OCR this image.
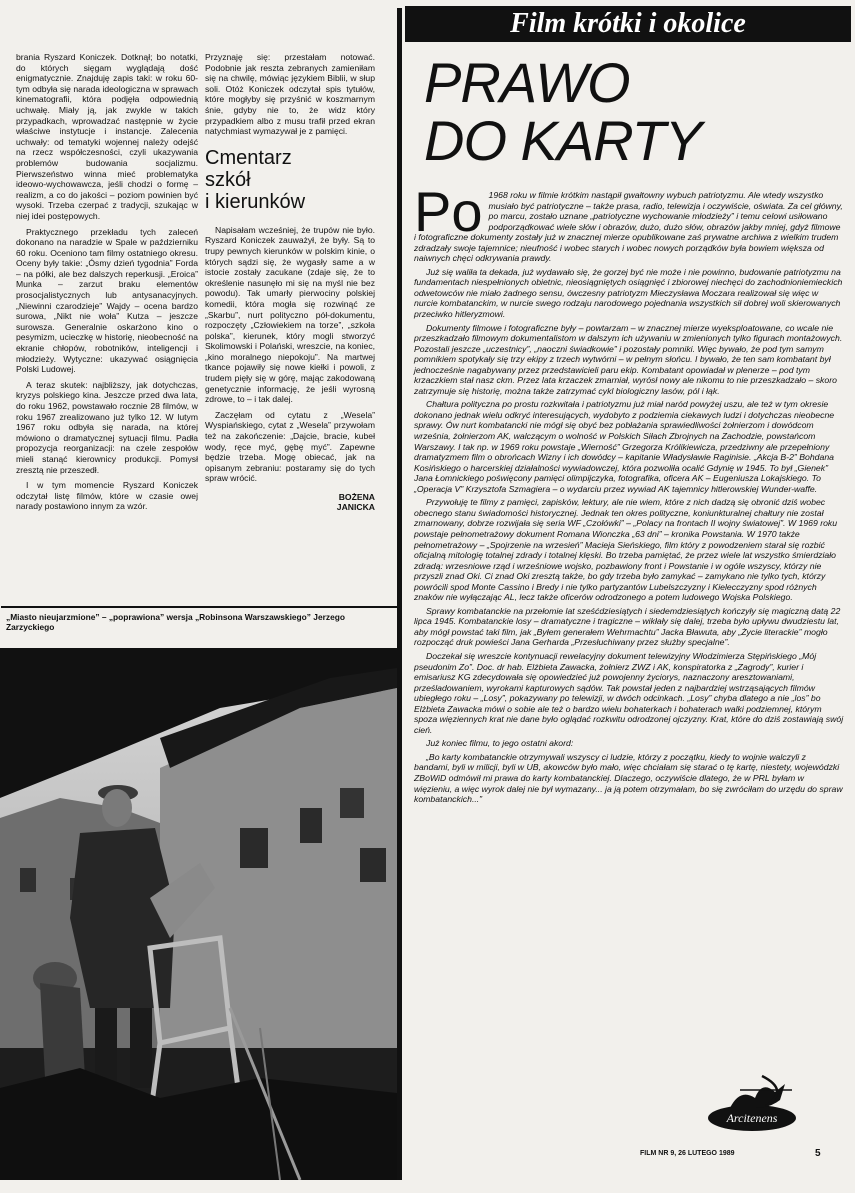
brania Ryszard Koniczek. Dotknął; bo notatki, do których sięgam wyglądają dość enigmatycznie. Znajduję zapis taki: w roku 60-tym odbyła się narada ideologiczna w sprawach kinematografii, która podjęła odpowiednią uchwałę. Miały ją, jak zwykle w takich przypadkach, wprowadzać następnie w życie właściwe instytucje i instancje. Zalecenia uchwały: od tematyki wojennej należy odejść na rzecz współczesności, czyli ukazywania problemów budowania socjalizmu. Pierwszeństwo winna mieć problematyka ideowo-wychowawcza, jeśli chodzi o formę – realizm, a co do jakości – poziom powinien być wysoki. Trzeba czerpać z tradycji, szukając w niej idei postępowych.

Praktycznego przekładu tych zaleceń dokonano na naradzie w Spale w październiku 60 roku. Oceniono tam filmy ostatniego okresu. Oceny były takie: „Ósmy dzień tygodnia” Forda – na półki, ale bez dalszych reperkusji. „Eroica” Munka – zarzut braku elementów prosocjalistycznych lub antysanacyjnych. „Niewinni czarodzieje” Wajdy – ocena bardzo surowa, „Nikt nie woła” Kutza – jeszcze surowsza. Generalnie oskarżono kino o pesymizm, ucieczkę w historię, nieobecność na ekranie chłopów, robotników, inteligencji i młodzieży. Wytyczne: ukazywać osiągnięcia Polski Ludowej.

A teraz skutek: najbliższy, jak dotychczas, kryzys polskiego kina. Jeszcze przed dwa lata, do roku 1962, powstawało rocznie 28 filmów, w roku 1967 zrealizowano już tylko 12. W lutym 1967 roku odbyła się narada, na której mówiono o dramatycznej sytuacji filmu. Padła propozycja reorganizacji: na czele zespołów mieli stanąć kierownicy produkcji. Pomysł zresztą nie przeszedł.

I w tym momencie Ryszard Koniczek odczytał listę filmów, które w czasie owej narady postawiono innym za wzór.

Przyznaję się: przestałam notować. Podobnie jak reszta zebranych zamieniłam się na chwilę, mówiąc językiem Biblii, w słup soli. Otóż Koniczek odczytał spis tytułów, które mogłyby się przyśnić w koszmarnym śnie, gdyby nie to, że widz który przypadkiem albo z musu trafił przed ekran natychmiast wymazywał je z pamięci.

Cmentarz
szkół
i kierunków

Napisałam wcześniej, że trupów nie było. Ryszard Koniczek zauważył, że były. Są to trupy pewnych kierunków w polskim kinie, o których sądzi się, że wygasły same a w istocie zostały zacukane (zdaje się, że to określenie nasunęło mi się na myśl nie bez powodu). Tak umarły pierwociny polskiej komedii, która mogła się rozwinąć ze „Skarbu”, nurt polityczno pół-dokumentu, rozpoczęty „Człowiekiem na torze”, „szkoła polska”, kierunek, który mogli stworzyć Skolimowski i Polański, wreszcie, na koniec, „kino moralnego niepokoju”. Na martwej tkance pojawiły się nowe kiełki i powoli, z trudem pięły się w górę, mając zakodowaną genetycznie informację, że jeśli wyrosną zdrowe, to – i tak dalej.

Zaczęłam od cytatu z „Wesela” Wyspiańskiego, cytat z „Wesela” przywołam też na zakończenie: „Dajcie, bracie, kubeł wody, ręce myć, gębę myć”. Zapewne będzie trzeba. Mogę obiecać, jak na opisanym zebraniu: postaramy się do tych spraw wrócić.

BOŻENA
JANICKA
„Miasto nieujarzmione” – „poprawiona” wersja „Robinsona Warszawskiego” Jerzego Zarzyckiego
Film krótki i okolice
PRAWO
DO KARTY

Po 1968 roku w filmie krótkim nastąpił gwałtowny wybuch patriotyzmu. Ale wtedy wszystko musiało być patriotyczne – także prasa, radio, telewizja i oczywiście, oświata. Za cel główny, po marcu, zostało uznane „patriotyczne wychowanie młodzieży” i temu celowi usiłowano podporządkować wiele słów i obrazów, dużo, dużo słów, obrazów jakby mniej, gdyż filmowe i fotograficzne dokumenty zostały już w znacznej mierze opublikowane zaś prywatne archiwa z wielkim trudem zdradzały swoje tajemnice; nieufność i wobec starych i wobec nowych porządków była bowiem większa od naiwnych chęci odkrywania prawdy.

Już się waliła ta dekada, już wydawało się, że gorzej być nie może i nie powinno, budowanie patriotyzmu na fundamentach niespełnionych obietnic, nieosiągniętych osiągnięć i zbiorowej niechęci do zachodnioniemieckich odwetowców nie miało żadnego sensu, ówczesny patriotyzm Mieczysława Moczara realizował się więc w nurcie kombatanckim, w nurcie swego rodzaju narodowego pojednania wszystkich sił dobrej woli skierowanych przeciwko hitleryzmowi.

Dokumenty filmowe i fotograficzne były – powtarzam – w znacznej mierze wyeksploatowane, co wcale nie przeszkadzało filmowym dokumentalistom w dalszym ich używaniu w zmienionych tylko figurach montażowych. Pozostali jeszcze „uczestnicy”, „naoczni świadkowie” i pozostały pomniki. Więc bywało, że pod tym samym pomnikiem spotykały się trzy ekipy z trzech wytwórni – w pełnym słońcu. I bywało, że ten sam kombatant był jednocześnie nagabywany przez przedstawicieli paru ekip. Kombatant opowiadał w plenerze – pod tym krzaczkiem stał nasz ckm. Przez lata krzaczek zmarniał, wyrósł nowy ale nikomu to nie przeszkadzało – skoro zatrzymuje się historię, można także zatrzymać cykl biologiczny lasów, pól i łąk.

Chałtura polityczna po prostu rozkwitała i patriotyzmu już miał naród powyżej uszu, ale też w tym okresie dokonano jednak wielu odkryć interesujących, wydobyto z podziemia ciekawych ludzi i dotychczas nieobecne sprawy. Ów nurt kombatancki nie mógł się obyć bez pobłażania sprawiedliwości żołnierzom i dowódcom września, żołnierzom AK, walczącym o wolność w Polskich Siłach Zbrojnych na Zachodzie, powstańcom Warszawy. I tak np. w 1969 roku powstaje „Wierność” Grzegorza Królikiewicza, przedziwny ale przepełniony dramatyzmem film o obrońcach Wizny i ich dowódcy – kapitanie Władysławie Raginisie. „Akcja B-2” Bohdana Kosińskiego o harcerskiej działalności wywiadowczej, która pozwoliła ocalić Gdynię w 1945. To był „Gienek” Jana Łomnickiego poświęcony pamięci olimpijczyka, fotografika, oficera AK – Eugeniusza Lokajskiego. To „Operacja V” Krzysztofa Szmagiera – o wydarciu przez wywiad AK tajemnicy hitlerowskiej Wunder-waffe.

Przywołuję te filmy z pamięci, zapisków, lektury, ale nie wiem, które z nich dadzą się obronić dziś wobec obecnego stanu świadomości historycznej. Jednak ten okres polityczne, koniunkturalnej chałtury nie został zmarnowany, dobrze rozwijała się seria WF „Czołówki” – „Polacy na frontach II wojny światowej”. W 1969 roku powstaje pełnometrażowy dokument Romana Wionczka „63 dni” – kronika Powstania. W 1970 także pełnometrażowy – „Spojrzenie na wrzesień” Macieja Sieńskiego, film który z powodzeniem starał się rozbić oficjalną mitologię totalnej zdrady i totalnej klęski. Bo trzeba pamiętać, że przez wiele lat wszystko śmierdziało zdradą: wrzesniowe rząd i wrześniowe wojsko, pozbawiony front i Powstanie i w ogóle wszyscy, którzy nie przyszli znad Oki. Ci znad Oki zresztą także, bo gdy trzeba było zamykać – zamykano nie tylko tych, którzy powrócili spod Monte Cassino i Bredy i nie tylko partyzantów Lubelszczyzny i Kielecczyzny spod różnych znaków nie wyłączając AL, lecz także oficerów odrodzonego a potem ludowego Wojska Polskiego.

Sprawy kombatanckie na przełomie lat sześćdziesiątych i siedemdziesiątych kończyły się magiczną datą 22 lipca 1945. Kombatanckie losy – dramatyczne i tragiczne – wikłały się dalej, trzeba było upływu dwudziestu lat, aby mógł powstać taki film, jak „Byłem generałem Wehrmachtu” Jacka Bławuta, aby „Życie literackie” mogło rozpocząć druk powieści Jana Gerharda „Przesłuchiwany przez służby specjalne”.

Doczekał się wreszcie kontynuacji rewelacyjny dokument telewizyjny Włodzimierza Stępińskiego „Mój pseudonim Zo”. Doc. dr hab. Elżbieta Zawacka, żołnierz ZWZ i AK, konspiratorka z „Zagrody”, kurier i emisariusz KG zdecydowała się opowiedzieć już powojenny życiorys, naznaczony aresztowaniami, prześladowaniem, wyrokami kapturowych sądów. Tak powstał jeden z najbardziej wstrząsających filmów ubiegłego roku – „Losy”, pokazywany po telewizji, w dwóch odcinkach. „Losy” chyba dlatego a nie „los” bo Elżbieta Zawacka mówi o sobie ale też o bardzo wielu bohaterkach i bohaterach walki podziemnej, którym spoza więziennych krat nie dane było oglądać rozkwitu odrodzonej ojczyzny. Krat, które do dziś zostawiają swój cień.

Już koniec filmu, to jego ostatni akord:

„Bo karty kombatanckie otrzymywali wszyscy ci ludzie, którzy z początku, kiedy to wojnie walczyli z bandami, byli w milicji, byli w UB, akowców było mało, więc chciałam się starać o tę kartę, niestety, wojewódzki ZBoWiD odmówił mi prawa do karty kombatanckiej. Dlaczego, oczywiście dlatego, że w PRL byłam w więzieniu, a więc wyrok dalej nie był wymazany... ja ją potem otrzymałam, bo się zwróciłam do urzędu do spraw kombatanckich...”

Arcitenens
FILM NR 9, 26 LUTEGO 1989	5
